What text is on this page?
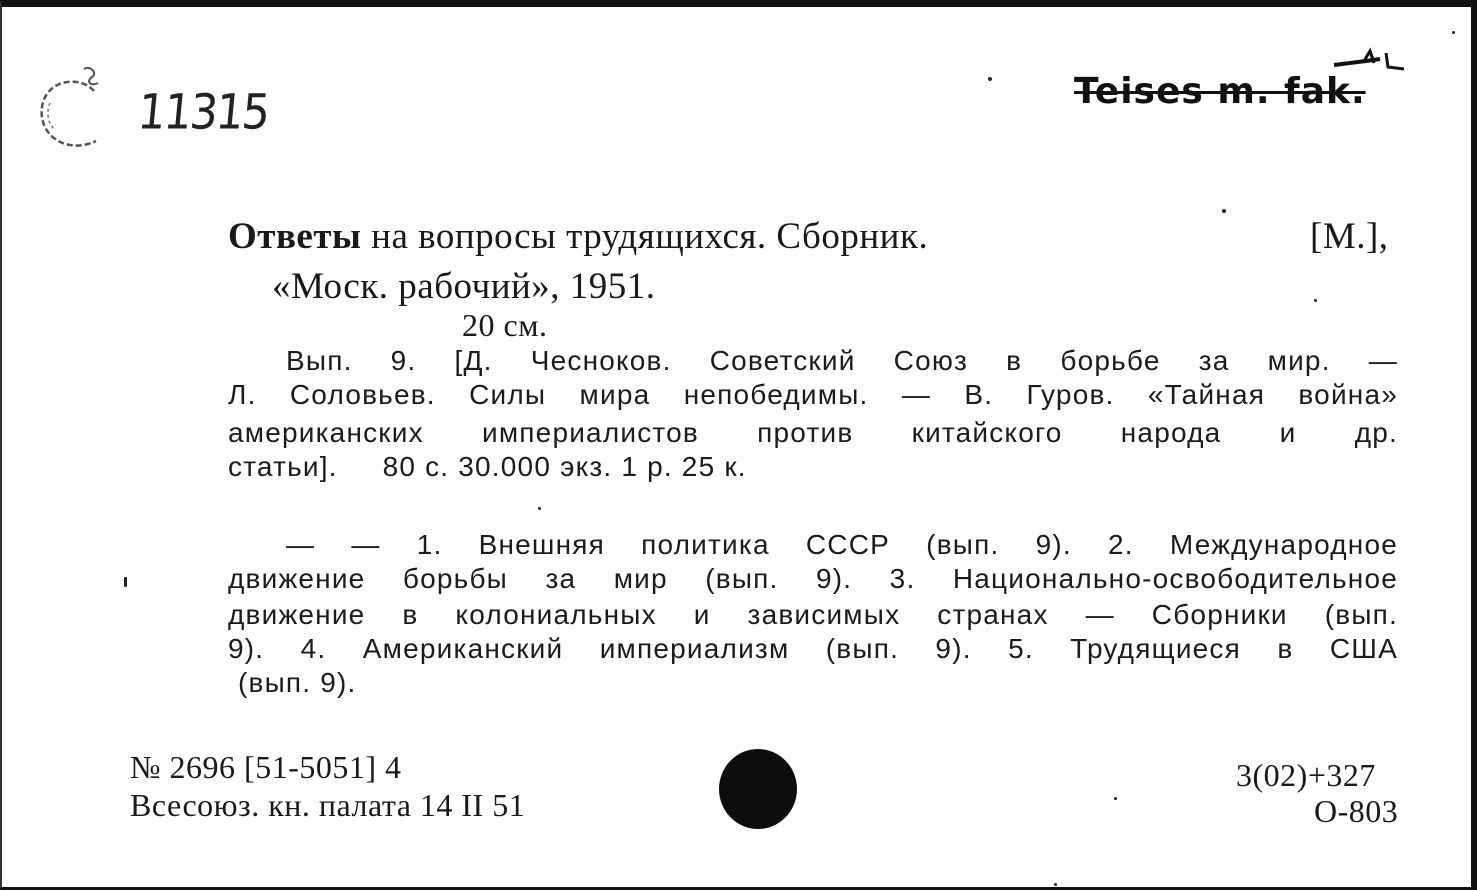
11315	Teises m. fak.
Ответы на вопросы трудящихся. Сборник.	[М.],
«Моск. рабочий», 1951.
20 см.
Вып. 9. [Д. Чесноков. Советский Союз в борьбе за мир. —
Л. Соловьев. Силы мира непобедимы. — В. Гуров. «Тайная война»
американских империалистов против китайского народа и др.
статьи].     80 с. 30.000 экз. 1 р. 25 к.
— — 1. Внешняя политика СССР (вып. 9). 2. Международное
движение борьбы за мир (вып. 9). 3. Национально-освободительное
движение в колониальных и зависимых странах — Сборники (вып.
9). 4. Американский империализм (вып. 9). 5. Трудящиеся в США
(вып. 9).
№ 2696 [51-5051] 4
Всесоюз. кн. палата 14 II 51
3(02)+327
О-803
